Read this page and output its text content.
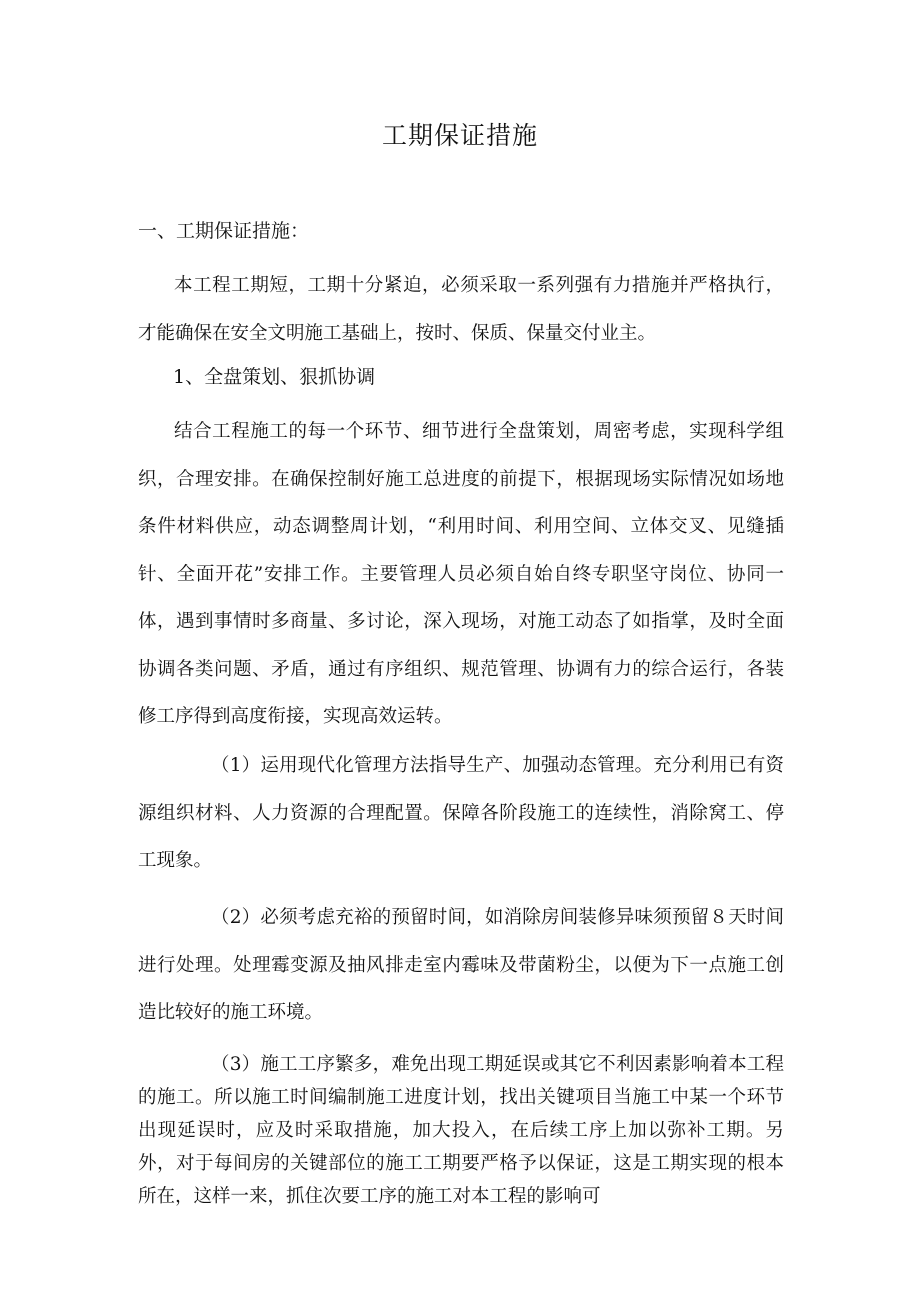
工期保证措施
一、工期保证措施：

本工程工期短，工期十分紧迫，必须采取一系列强有力措施并严格执行，才能确保在安全文明施工基础上，按时、保质、保量交付业主。

1、全盘策划、狠抓协调

结合工程施工的每一个环节、细节进行全盘策划，周密考虑，实现科学组织，合理安排。在确保控制好施工总进度的前提下，根据现场实际情况如场地条件材料供应，动态调整周计划，“利用时间、利用空间、立体交叉、见缝插针、全面开花”安排工作。主要管理人员必须自始自终专职坚守岗位、协同一体，遇到事情时多商量、多讨论，深入现场，对施工动态了如指掌，及时全面协调各类问题、矛盾，通过有序组织、规范管理、协调有力的综合运行，各装修工序得到高度衔接，实现高效运转。

（1）运用现代化管理方法指导生产、加强动态管理。充分利用已有资源组织材料、人力资源的合理配置。保障各阶段施工的连续性，消除窝工、停工现象。

（2）必须考虑充裕的预留时间，如消除房间装修异味须预留８天时间进行处理。处理霉变源及抽风排走室内霉味及带菌粉尘，以便为下一点施工创造比较好的施工环境。

（3）施工工序繁多，难免出现工期延误或其它不利因素影响着本工程的施工。所以施工时间编制施工进度计划，找出关键项目当施工中某一个环节出现延误时，应及时采取措施，加大投入，在后续工序上加以弥补工期。另外，对于每间房的关键部位的施工工期要严格予以保证，这是工期实现的根本所在，这样一来，抓住次要工序的施工对本工程的影响可
